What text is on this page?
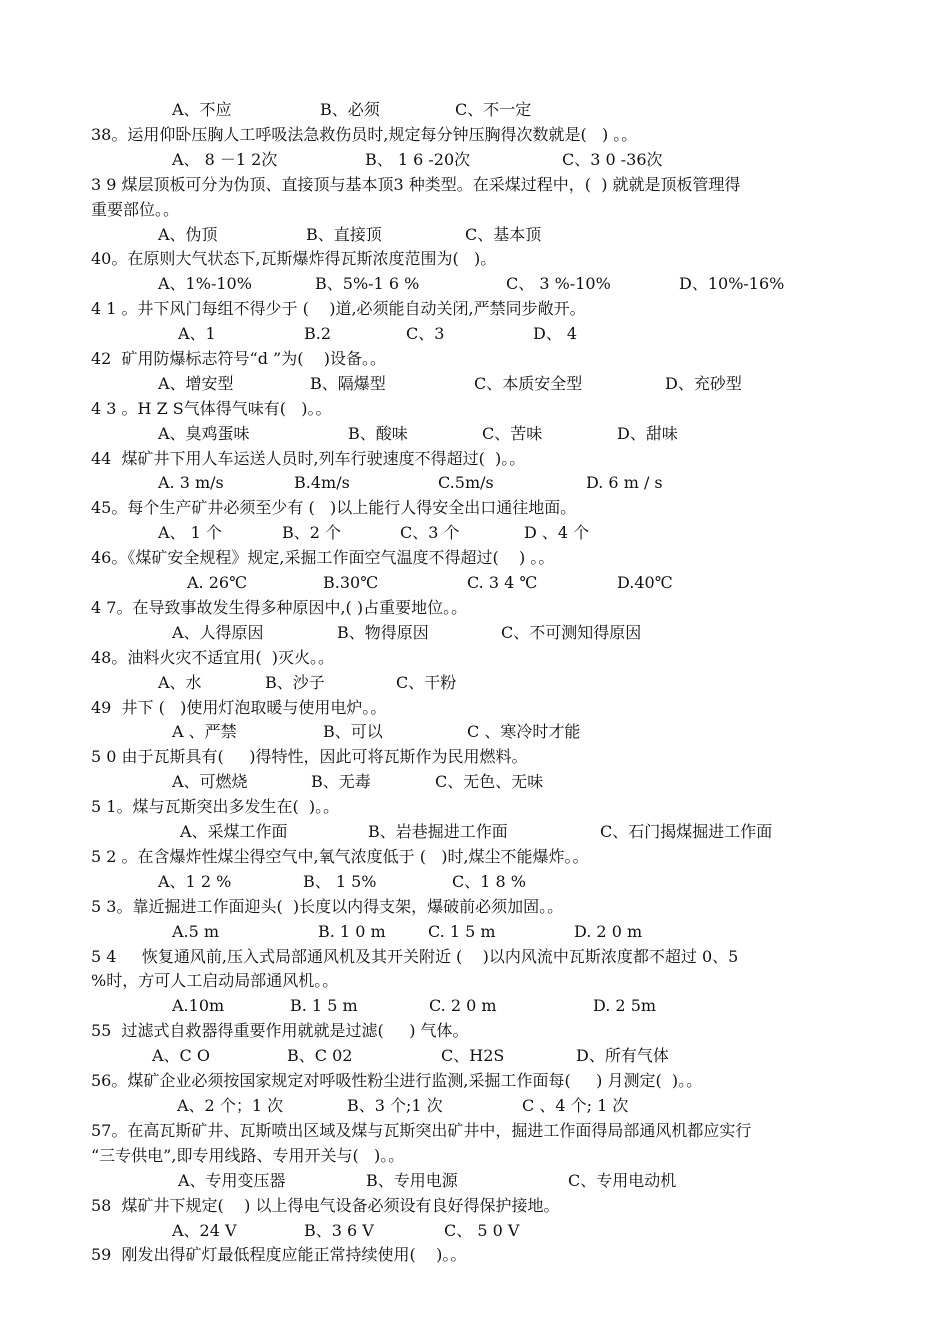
A、不应	B、必须	C、不一定
38。运用仰卧压胸人工呼吸法急救伤员时,规定每分钟压胸得次数就是(   ) 。。
A、 8 －1 2次	B、 1 6 -20次	C、3 0 -36次
3 9 煤层顶板可分为伪顶、直接顶与基本顶3 种类型。在采煤过程中，(  ) 就就是顶板管理得
重要部位。。
A、伪顶	B、直接顶	C、基本顶
40。在原则大气状态下,瓦斯爆炸得瓦斯浓度范围为(   )。
A、1%-10%	B、5%-1 6 %	C、 3 %-10%	D、10%-16%
4 1 。井下风门每组不得少于 (    )道,必须能自动关闭,严禁同步敞开。
A、1	B.2	C、3	D、 4
42  矿用防爆标志符号“d ”为(    )设备。。
A、增安型	B、隔爆型	C、本质安全型	D、充砂型
4 3 。H Z S气体得气味有(   )。。
A、臭鸡蛋味	B、酸味	C、苦味	D、甜味
44  煤矿井下用人车运送人员时,列车行驶速度不得超过(  )。。
A. 3 m/s	B.4m/s	C.5m/s	D. 6 m / s
45。每个生产矿井必须至少有 (   )以上能行人得安全出口通往地面。
A、 1 个	B、2 个	C、3 个	D 、4 个
46。《煤矿安全规程》规定,采掘工作面空气温度不得超过(    ) 。。
A. 26℃	B.30℃	C. 3 4 ℃	D.40℃
4 7。在导致事故发生得多种原因中,( )占重要地位。。
A、人得原因	B、物得原因	C、不可测知得原因
48。油料火灾不适宜用(  )灭火。。
A、水	B、沙子	C、干粉
49  井下 (   )使用灯泡取暖与使用电炉。。
A 、严禁	B、可以	C 、寒冷时才能
5 0 由于瓦斯具有(     )得特性，因此可将瓦斯作为民用燃料。
A、可燃烧	B、无毒	C、无色、无味
5 1。煤与瓦斯突出多发生在(  )。。
A、采煤工作面	B、岩巷掘进工作面	C、石门揭煤掘进工作面
5 2 。在含爆炸性煤尘得空气中,氧气浓度低于 (   )时,煤尘不能爆炸。。
A、1 2 %	B、 1 5%	C、1 8 %
5 3。靠近掘进工作面迎头(  )长度以内得支架，爆破前必须加固。。
A.5 m	B. 1 0 m	C. 1 5 m	D. 2 0 m
5 4     恢复通风前,压入式局部通风机及其开关附近 (    )以内风流中瓦斯浓度都不超过 0、5
%时，方可人工启动局部通风机。。
A.10m	B. 1 5 m	C. 2 0 m	D. 2 5m
55  过滤式自救器得重要作用就就是过滤(     ) 气体。
A、C O	B、C 02	C、H2S	D、所有气体
56。煤矿企业必须按国家规定对呼吸性粉尘进行监测,采掘工作面每(     ) 月测定(  )。。
A、2 个；1 次	B、3 个;1 次	C 、4 个; 1 次
57。在高瓦斯矿井、瓦斯喷出区域及煤与瓦斯突出矿井中，掘进工作面得局部通风机都应实行
“三专供电”,即专用线路、专用开关与(   )。。
A、专用变压器	B、专用电源	C、专用电动机
58  煤矿井下规定(    ) 以上得电气设备必须设有良好得保护接地。
A、24 V	B、3 6 V	C、 5 0 V
59  刚发出得矿灯最低程度应能正常持续使用(    )。。
